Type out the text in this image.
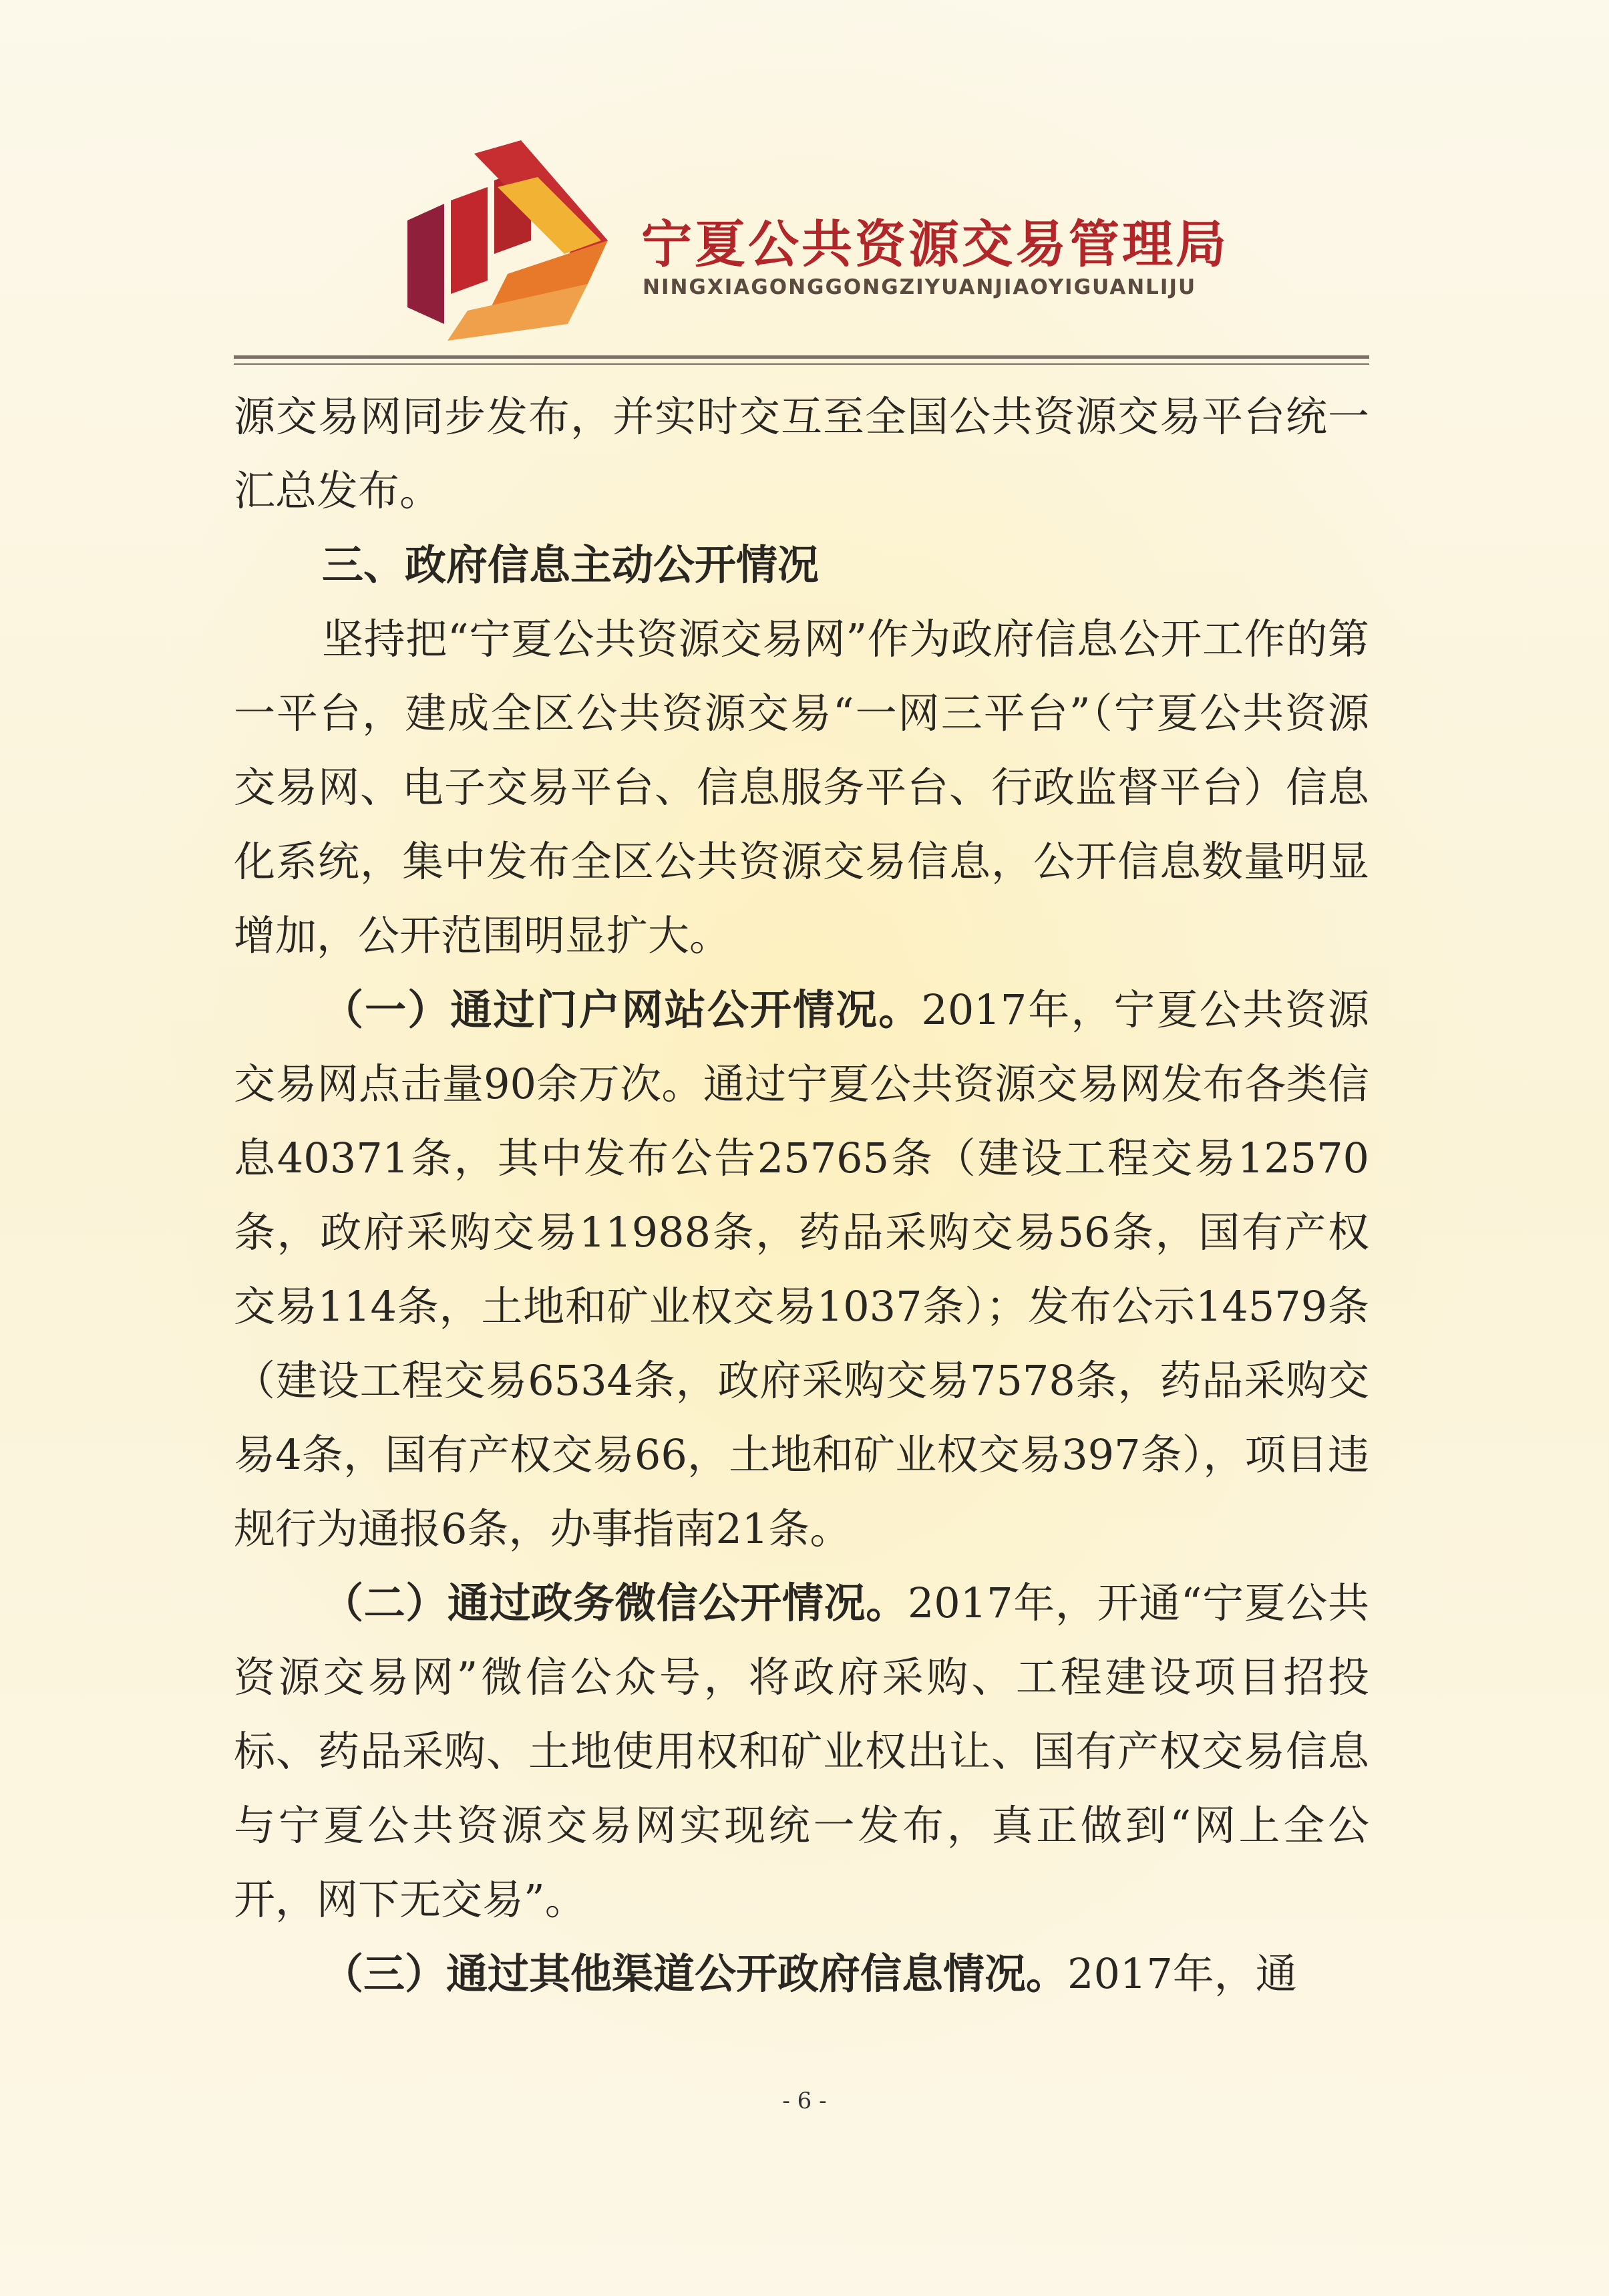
宁夏公共资源交易管理局
NINGXIAGONGGONGZIYUANJIAOYIGUANLIJU

源交易网同步发布，并实时交互至全国公共资源交易平台统一汇总发布。

三、政府信息主动公开情况

坚持把“宁夏公共资源交易网”作为政府信息公开工作的第一平台，建成全区公共资源交易“一网三平台”（宁夏公共资源交易网、电子交易平台、信息服务平台、行政监督平台）信息化系统，集中发布全区公共资源交易信息，公开信息数量明显增加，公开范围明显扩大。

（一）通过门户网站公开情况。2017年，宁夏公共资源交易网点击量90余万次。通过宁夏公共资源交易网发布各类信息40371条，其中发布公告25765条（建设工程交易12570条，政府采购交易11988条，药品采购交易56条，国有产权交易114条，土地和矿业权交易1037条）；发布公示14579条（建设工程交易6534条，政府采购交易7578条，药品采购交易4条，国有产权交易66，土地和矿业权交易397条），项目违规行为通报6条，办事指南21条。

（二）通过政务微信公开情况。2017年，开通“宁夏公共资源交易网”微信公众号，将政府采购、工程建设项目招投标、药品采购、土地使用权和矿业权出让、国有产权交易信息与宁夏公共资源交易网实现统一发布，真正做到“网上全公开，网下无交易”。

（三）通过其他渠道公开政府信息情况。2017年，通

- 6 -
